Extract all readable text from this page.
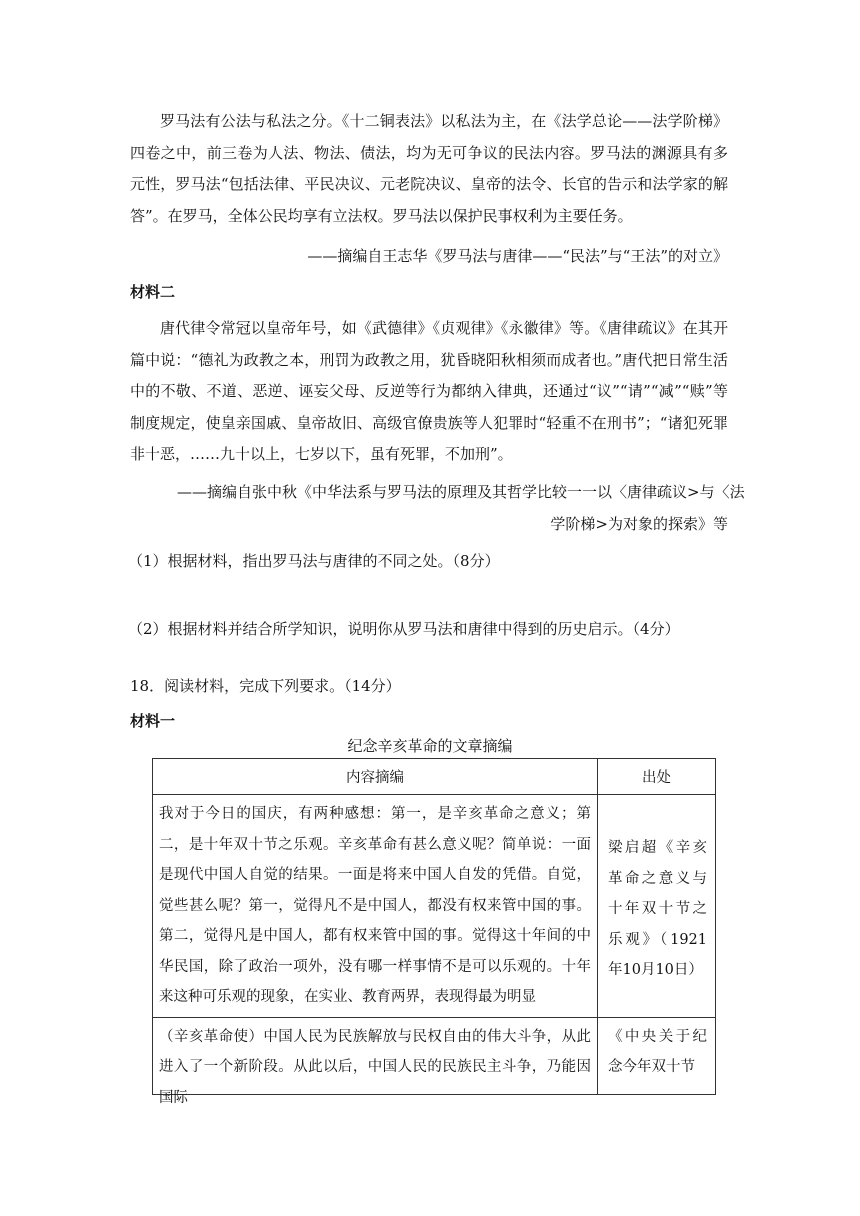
罗马法有公法与私法之分。《十二铜表法》以私法为主，在《法学总论——法学阶梯》四卷之中，前三卷为人法、物法、债法，均为无可争议的民法内容。罗马法的渊源具有多元性，罗马法“包括法律、平民决议、元老院决议、皇帝的法令、长官的告示和法学家的解答”。在罗马，全体公民均享有立法权。罗马法以保护民事权利为主要任务。

——摘编自王志华《罗马法与唐律——“民法”与“王法”的对立》

材料二

唐代律令常冠以皇帝年号，如《武德律》《贞观律》《永徽律》等。《唐律疏议》在其开篇中说：“德礼为政教之本，刑罚为政教之用，犹昏晓阳秋相须而成者也。”唐代把日常生活中的不敬、不道、恶逆、诬妄父母、反逆等行为都纳入律典，还通过“议”“请”“减”“赎”等制度规定，使皇亲国戚、皇帝故旧、高级官僚贵族等人犯罪时“轻重不在刑书”；“诸犯死罪非十恶，……九十以上，七岁以下，虽有死罪，不加刑”。

——摘编自张中秋《中华法系与罗马法的原理及其哲学比较一一以〈唐律疏议>与〈法

学阶梯>为对象的探索》等

（1）根据材料，指出罗马法与唐律的不同之处。（8分）

（2）根据材料并结合所学知识，说明你从罗马法和唐律中得到的历史启示。（4分）

18．阅读材料，完成下列要求。（14分）

材料一

纪念辛亥革命的文章摘编

内容摘编	出处
我对于今日的国庆，有两种感想：第一，是辛亥革命之意义；第二，是十年双十节之乐观。辛亥革命有甚么意义呢？简单说：一面是现代中国人自觉的结果。一面是将来中国人自发的凭借。自觉，觉些甚么呢？第一，觉得凡不是中国人，都没有权来管中国的事。第二，觉得凡是中国人，都有权来管中国的事。觉得这十年间的中华民国，除了政治一项外，没有哪一样事情不是可以乐观的。十年来这种可乐观的现象，在实业、教育两界，表现得最为明显	梁启超《辛亥革命之意义与十年双十节之乐观》（1921年10月10日）

（辛亥革命使）中国人民为民族解放与民权自由的伟大斗争，从此进入了一个新阶段。从此以后，中国人民的民族民主斗争，乃能因国际	《中央关于纪念今年双十节
